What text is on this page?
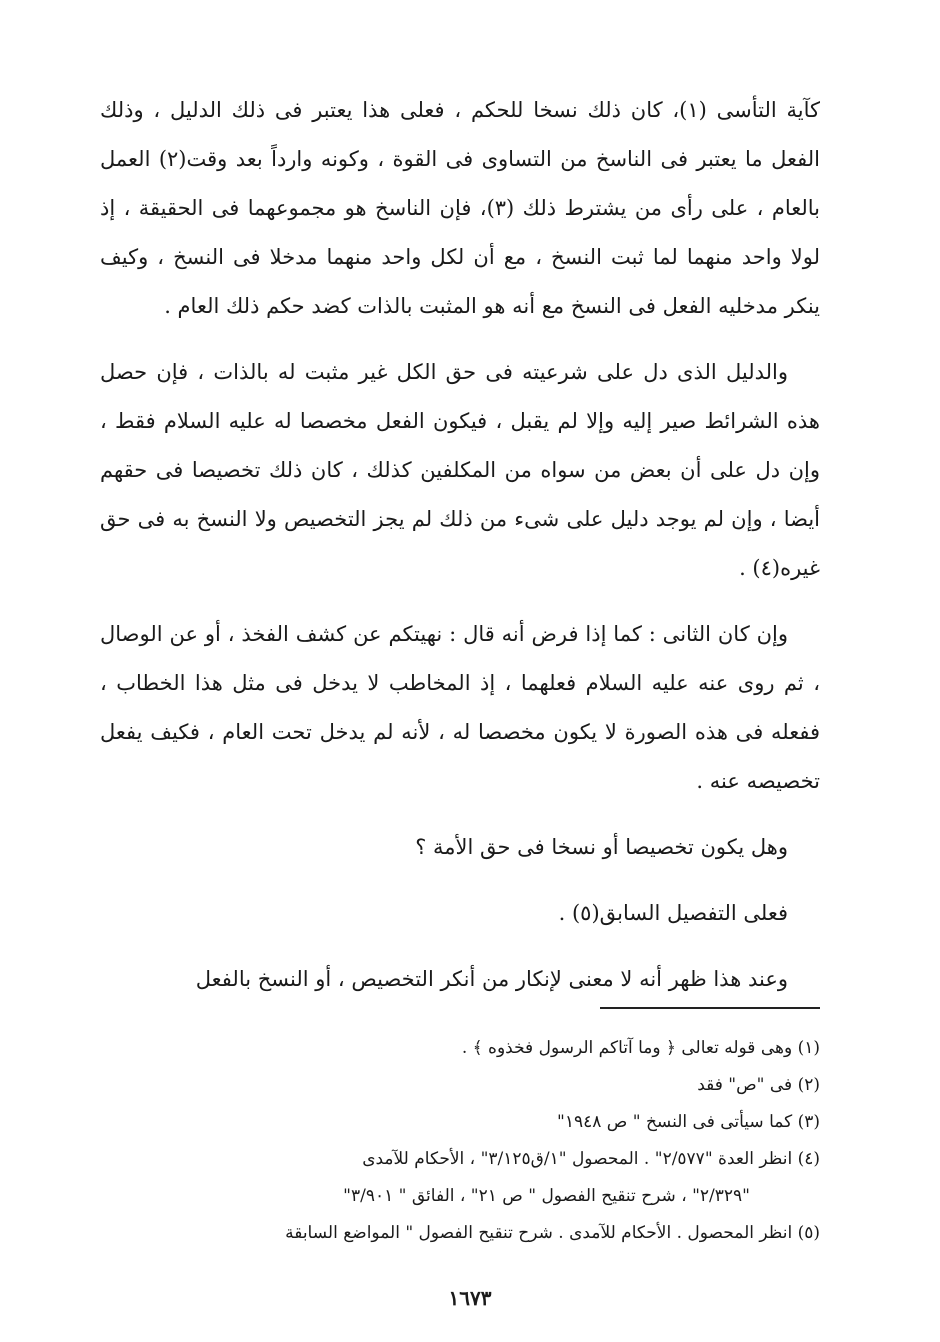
كآية التأسى (١)، كان ذلك نسخا للحكم ، فعلى هذا يعتبر فى ذلك الدليل ، وذلك الفعل ما يعتبر فى الناسخ من التساوى فى القوة ، وكونه وارداً بعد وقت(٢) العمل بالعام ، على رأى من يشترط ذلك (٣)، فإن الناسخ هو مجموعهما فى الحقيقة ، إذ لولا واحد منهما لما ثبت النسخ ، مع أن لكل واحد منهما مدخلا فى النسخ ، وكيف ينكر مدخليه الفعل فى النسخ مع أنه هو المثبت بالذات كضد حكم ذلك العام .

والدليل الذى دل على شرعيته فى حق الكل غير مثبت له بالذات ، فإن حصل هذه الشرائط صير إليه وإلا لم يقبل ، فيكون الفعل مخصصا له عليه السلام فقط ، وإن دل على أن بعض من سواه من المكلفين كذلك ، كان ذلك تخصيصا فى حقهم أيضا ، وإن لم يوجد دليل على شىء من ذلك لم يجز التخصيص ولا النسخ به فى حق غيره(٤) .

وإن كان الثانى : كما إذا فرض أنه قال : نهيتكم عن كشف الفخذ ، أو عن الوصال ، ثم روى عنه عليه السلام فعلهما ، إذ المخاطب لا يدخل فى مثل هذا الخطاب ، ففعله فى هذه الصورة لا يكون مخصصا له ، لأنه لم يدخل تحت العام ، فكيف يفعل تخصيصه عنه .

وهل يكون تخصيصا أو نسخا فى حق الأمة ؟

فعلى التفصيل السابق(٥) .

وعند هذا ظهر أنه لا معنى لإنكار من أنكر التخصيص ، أو النسخ بالفعل

(١) وهى قوله تعالى ﴿ وما آتاكم الرسول فخذوه ﴾ .

(٢) فى "ص" فقد

(٣) كما سيأتى فى النسخ " ص ١٩٤٨"

(٤) انظر العدة "٢/٥٧٧" . المحصول "١/ق٣/١٢٥" ، الأحكام للآمدى

"٢/٣٢٩" ، شرح تنقيح الفصول " ص ٢١" ، الفائق " ٣/٩٠١"

(٥) انظر المحصول . الأحكام للآمدى . شرح تنقيح الفصول " المواضع السابقة

١٦٧٣
